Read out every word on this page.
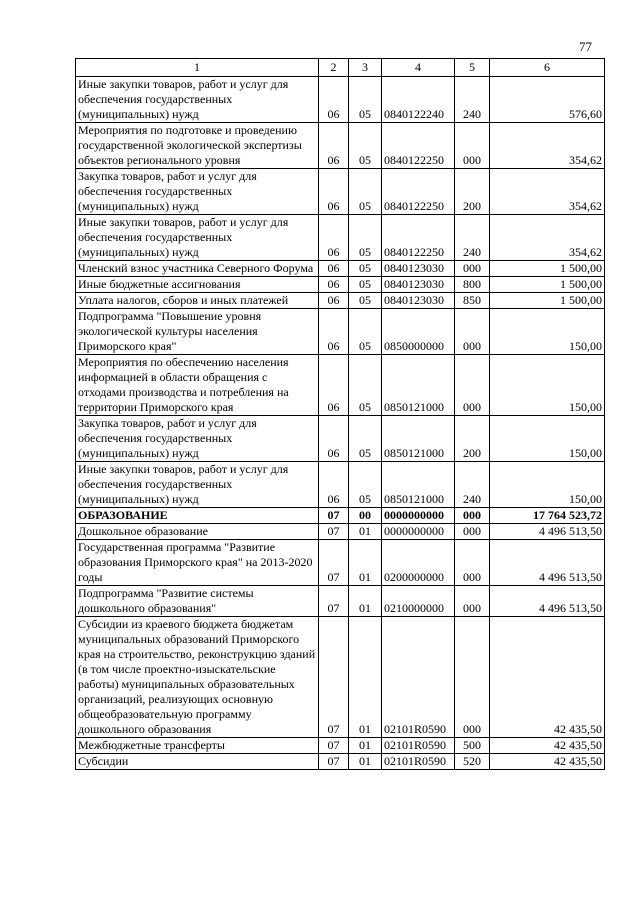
77
1	2	3	4	5	6
Иные закупки товаров, работ и услуг для обеспечения государственных (муниципальных) нужд	06	05	0840122240	240	576,60
Мероприятия по подготовке и проведению государственной экологической экспертизы объектов регионального уровня	06	05	0840122250	000	354,62
Закупка товаров, работ и услуг для обеспечения государственных (муниципальных) нужд	06	05	0840122250	200	354,62
Иные закупки товаров, работ и услуг для обеспечения государственных (муниципальных) нужд	06	05	0840122250	240	354,62
Членский взнос участника Северного Форума	06	05	0840123030	000	1 500,00
Иные бюджетные ассигнования	06	05	0840123030	800	1 500,00
Уплата налогов, сборов и иных платежей	06	05	0840123030	850	1 500,00
Подпрограмма "Повышение уровня экологической культуры населения Приморского края"	06	05	0850000000	000	150,00
Мероприятия по обеспечению населения информацией в области обращения с отходами производства и потребления на территории Приморского края	06	05	0850121000	000	150,00
Закупка товаров, работ и услуг для обеспечения государственных (муниципальных) нужд	06	05	0850121000	200	150,00
Иные закупки товаров, работ и услуг для обеспечения государственных (муниципальных) нужд	06	05	0850121000	240	150,00
ОБРАЗОВАНИЕ	07	00	0000000000	000	17 764 523,72
Дошкольное образование	07	01	0000000000	000	4 496 513,50
Государственная программа "Развитие образования Приморского края" на 2013-2020 годы	07	01	0200000000	000	4 496 513,50
Подпрограмма "Развитие системы дошкольного образования"	07	01	0210000000	000	4 496 513,50
Субсидии из краевого бюджета бюджетам муниципальных образований Приморского края на строительство, реконструкцию зданий (в том числе проектно-изыскательские работы) муниципальных образовательных организаций, реализующих основную общеобразовательную программу дошкольного образования	07	01	02101R0590	000	42 435,50
Межбюджетные трансферты	07	01	02101R0590	500	42 435,50
Субсидии	07	01	02101R0590	520	42 435,50
